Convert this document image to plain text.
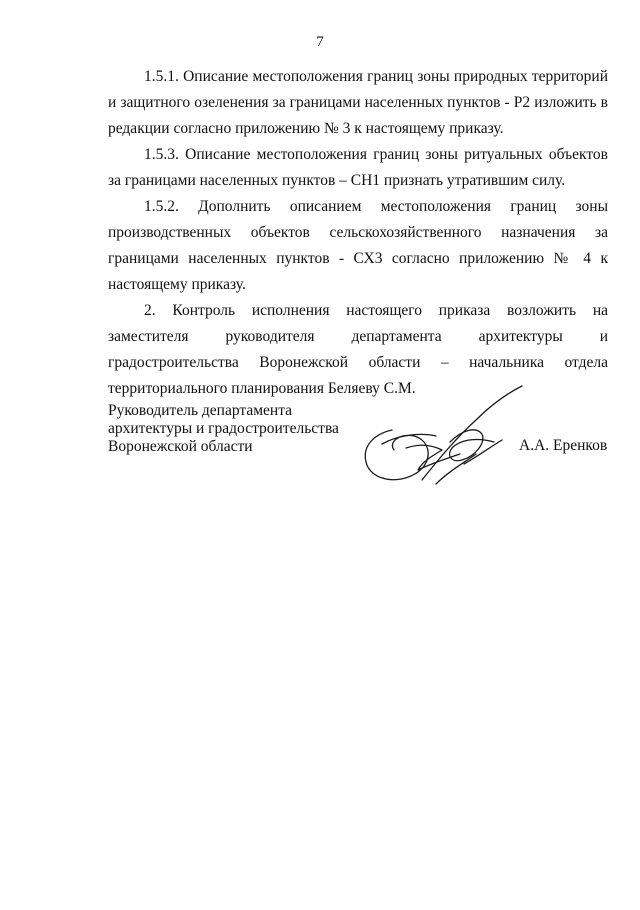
7

1.5.1. Описание местоположения границ зоны природных территорий и защитного озеленения за границами населенных пунктов - Р2 изложить в редакции согласно приложению № 3 к настоящему приказу.

1.5.3. Описание местоположения границ зоны ритуальных объектов за границами населенных пунктов – СН1 признать утратившим силу.

1.5.2. Дополнить описанием местоположения границ зоны производственных объектов сельскохозяйственного назначения за границами населенных пунктов - СХ3 согласно приложению № 4 к настоящему приказу.

2. Контроль исполнения настоящего приказа возложить на заместителя руководителя департамента архитектуры и градостроительства Воронежской области – начальника отдела территориального планирования Беляеву С.М.

Руководитель департамента
архитектуры и градостроительства
Воронежской области	А.А. Еренков
